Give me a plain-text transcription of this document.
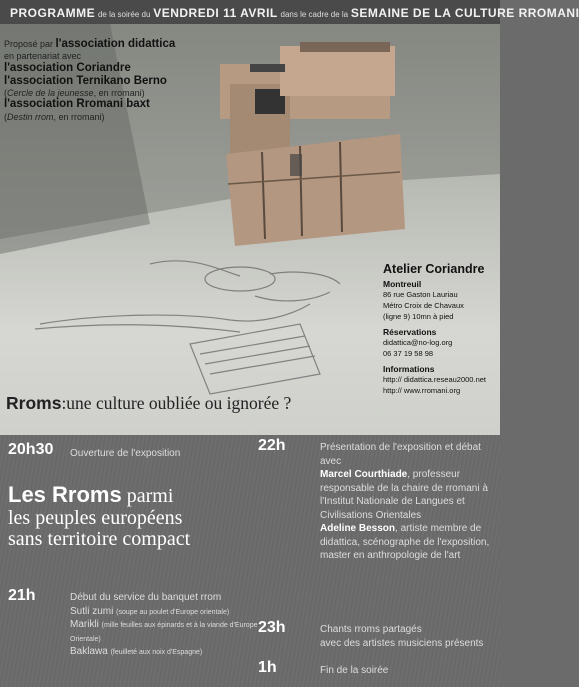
PROGRAMME de la soirée du VENDREDI 11 AVRIL dans le cadre de la SEMAINE DE LA CULTURE RROMANI
Proposé par l'association didattica
en partenariat avec
l'association Coriandre
l'association Ternikano Berno
(Cercle de la jeunesse, en rromani)
l'association Rromani baxt
(Destin rrom, en rromani)
Atelier Coriandre
Montreuil
86 rue Gaston Lauriau
Métro Croix de Chavaux
(ligne 9) 10mn à pied
Réservations
didattica@no-log.org
06 37 19 58 98
Informations
http:// didattica.reseau2000.net
http:// www.rromani.org
Rroms:une culture oubliée ou ignorée ?
20h30 Ouverture de l'exposition
Les Rroms parmi
les peuples européens
sans territoire compact
21h	Début du service du banquet rrom
Sutli zumi (soupe au poulet d'Europe orientale)
Marikli (mille feuilles aux épinards et à la viande d'Europe Orientale)
Baklawa (feuilleté aux noix d'Espagne)
22h	Présentation de l'exposition et débat avec
Marcel Courthiade, professeur responsable de la chaire de rromani à l'Institut Nationale de Langues et Civilisations Orientales
Adeline Besson, artiste membre de didattica, scénographe de l'exposition, master en anthropologie de l'art
23h	Chants rroms partagés
avec des artistes musiciens présents
1h	Fin de la soirée
